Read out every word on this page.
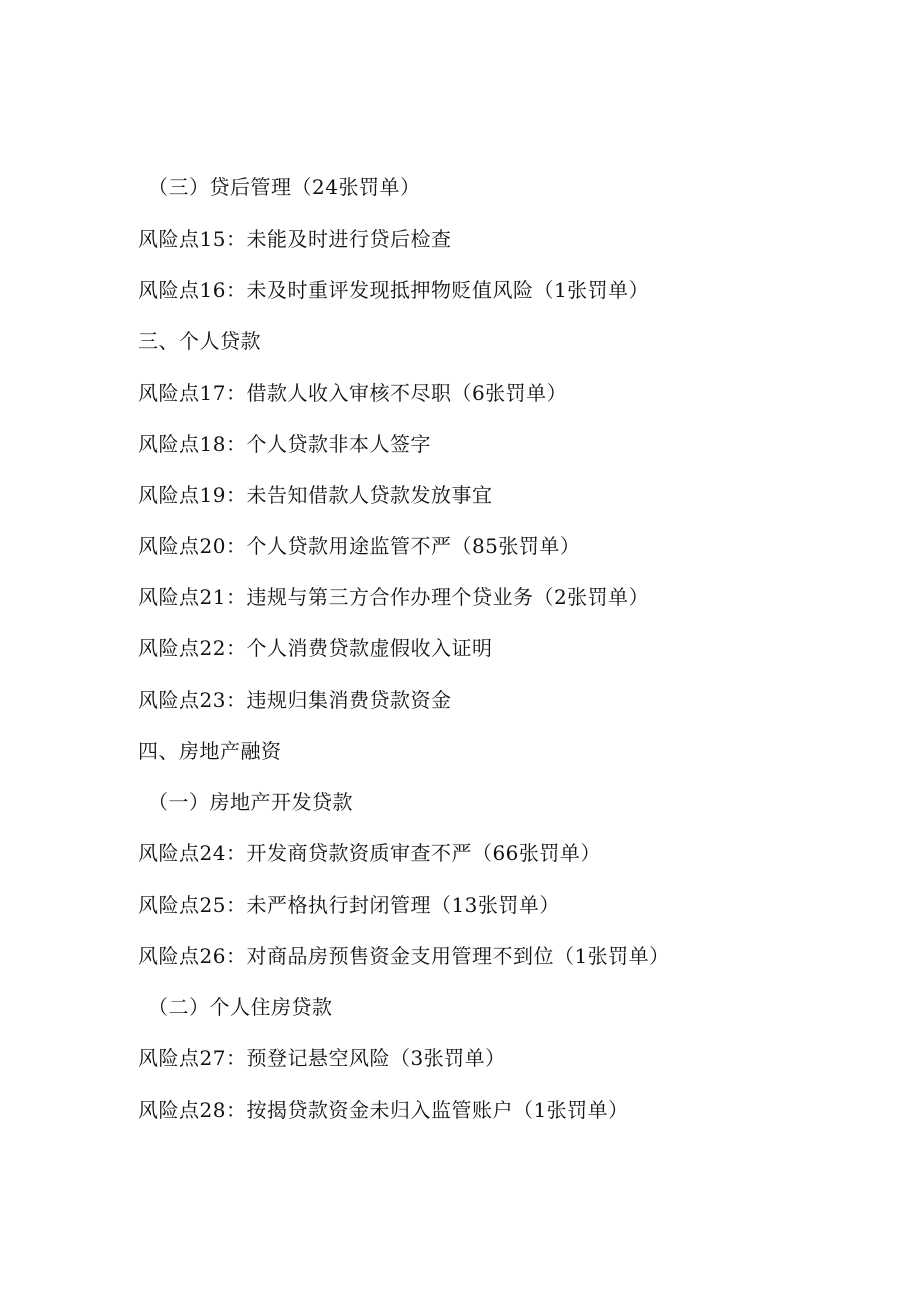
（三）贷后管理（24张罚单）
风险点15：未能及时进行贷后检查
风险点16：未及时重评发现抵押物贬值风险（1张罚单）
三、个人贷款
风险点17：借款人收入审核不尽职（6张罚单）
风险点18：个人贷款非本人签字
风险点19：未告知借款人贷款发放事宜
风险点20：个人贷款用途监管不严（85张罚单）
风险点21：违规与第三方合作办理个贷业务（2张罚单）
风险点22：个人消费贷款虚假收入证明
风险点23：违规归集消费贷款资金
四、房地产融资
（一）房地产开发贷款
风险点24：开发商贷款资质审查不严（66张罚单）
风险点25：未严格执行封闭管理（13张罚单）
风险点26：对商品房预售资金支用管理不到位（1张罚单）
（二）个人住房贷款
风险点27：预登记悬空风险（3张罚单）
风险点28：按揭贷款资金未归入监管账户（1张罚单）
